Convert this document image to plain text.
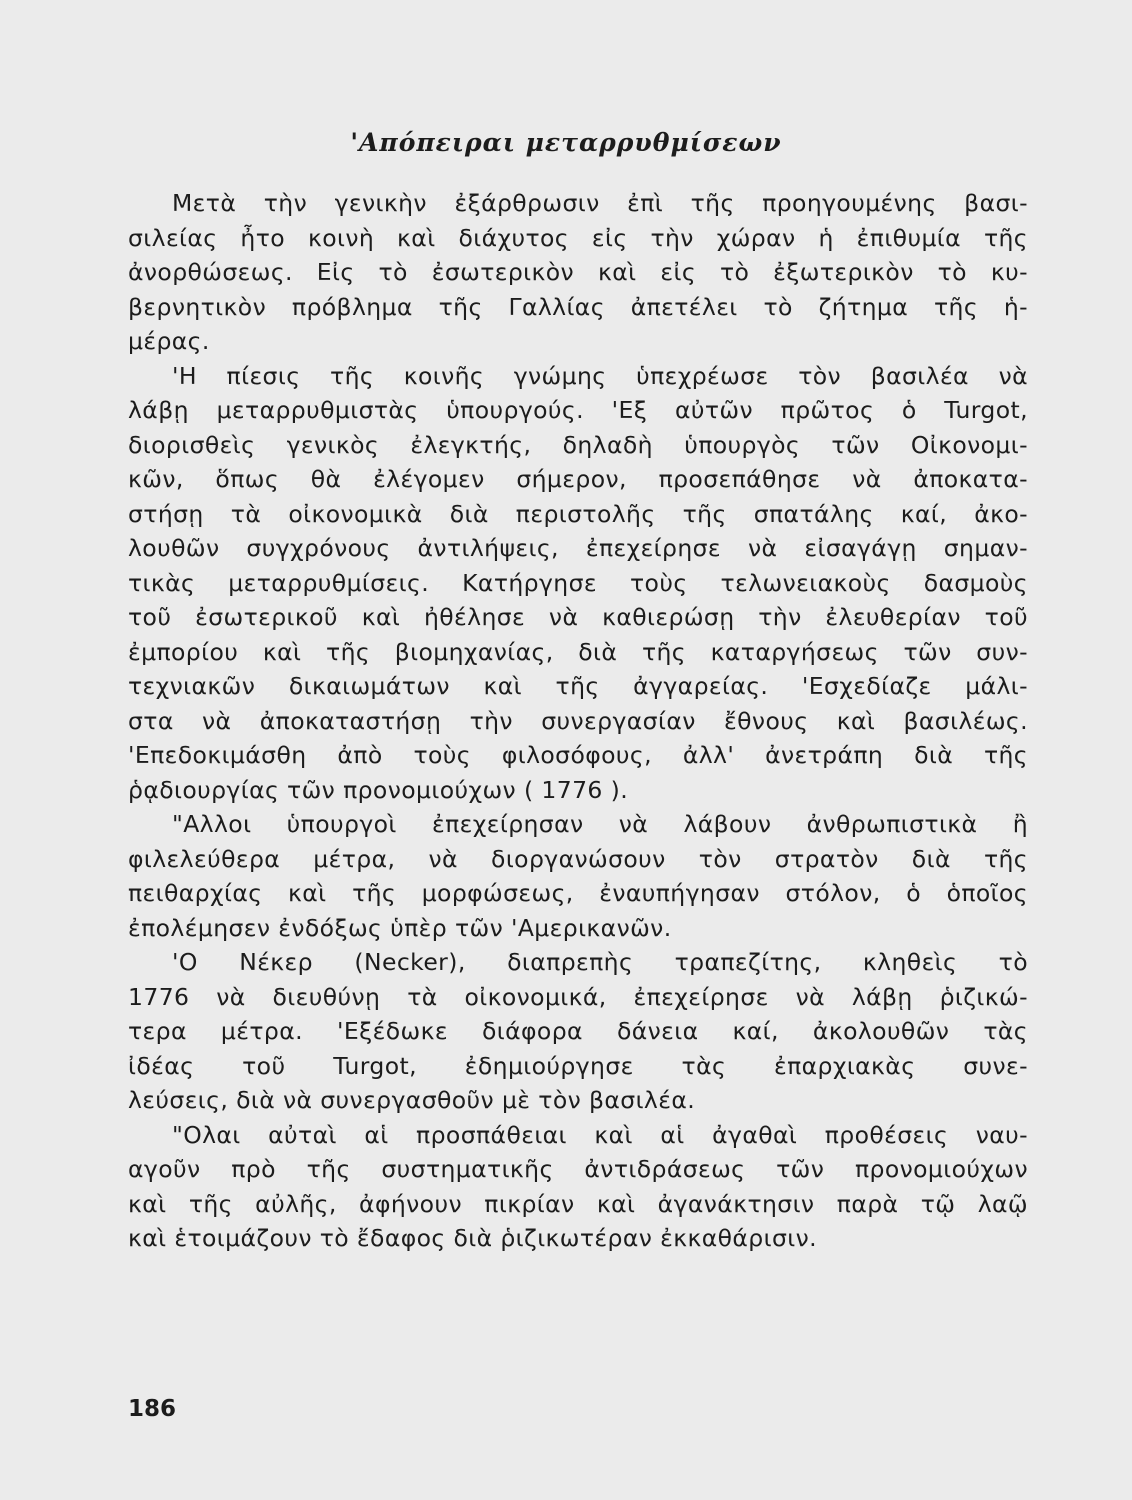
'Απόπειραι μεταρρυθμίσεων
Μετὰ τὴν γενικὴν ἐξάρθρωσιν ἐπὶ τῆς προηγουμένης βασι-
σιλείας ἦτο κοινὴ καὶ διάχυτος εἰς τὴν χώραν ἡ ἐπιθυμία τῆς
ἀνορθώσεως. Εἰς τὸ ἐσωτερικὸν καὶ εἰς τὸ ἐξωτερικὸν τὸ κυ-
βερνητικὸν πρόβλημα τῆς Γαλλίας ἀπετέλει τὸ ζήτημα τῆς ἡ-
μέρας.
'Η πίεσις τῆς κοινῆς γνώμης ὑπεχρέωσε τὸν βασιλέα νὰ
λάβῃ μεταρρυθμιστὰς ὑπουργούς. 'Εξ αὐτῶν πρῶτος ὁ Turgot,
διορισθεὶς γενικὸς ἐλεγκτής, δηλαδὴ ὑπουργὸς τῶν Οἰκονομι-
κῶν, ὅπως θὰ ἐλέγομεν σήμερον, προσεπάθησε νὰ ἀποκατα-
στήσῃ τὰ οἰκονομικὰ διὰ περιστολῆς τῆς σπατάλης καί, ἀκο-
λουθῶν συγχρόνους ἀντιλήψεις, ἐπεχείρησε νὰ εἰσαγάγῃ σημαν-
τικὰς μεταρρυθμίσεις. Κατήργησε τοὺς τελωνειακοὺς δασμοὺς
τοῦ ἐσωτερικοῦ καὶ ἠθέλησε νὰ καθιερώσῃ τὴν ἐλευθερίαν τοῦ
ἐμπορίου καὶ τῆς βιομηχανίας, διὰ τῆς καταργήσεως τῶν συν-
τεχνιακῶν δικαιωμάτων καὶ τῆς ἀγγαρείας. 'Εσχεδίαζε μάλι-
στα νὰ ἀποκαταστήσῃ τὴν συνεργασίαν ἔθνους καὶ βασιλέως.
'Επεδοκιμάσθη ἀπὸ τοὺς φιλοσόφους, ἀλλ' ἀνετράπη διὰ τῆς
ῥᾳδιουργίας τῶν προνομιούχων ( 1776 ).
"Αλλοι ὑπουργοὶ ἐπεχείρησαν νὰ λάβουν ἀνθρωπιστικὰ ἢ
φιλελεύθερα μέτρα, νὰ διοργανώσουν τὸν στρατὸν διὰ τῆς
πειθαρχίας καὶ τῆς μορφώσεως, ἐναυπήγησαν στόλον, ὁ ὁποῖος
ἐπολέμησεν ἐνδόξως ὑπὲρ τῶν 'Αμερικανῶν.
'Ο Νέκερ (Necker), διαπρεπὴς τραπεζίτης, κληθεὶς τὸ
1776 νὰ διευθύνῃ τὰ οἰκονομικά, ἐπεχείρησε νὰ λάβῃ ῥιζικώ-
τερα μέτρα. 'Εξέδωκε διάφορα δάνεια καί, ἀκολουθῶν τὰς
ἰδέας τοῦ Turgot, ἐδημιούργησε τὰς ἐπαρχιακὰς συνε-
λεύσεις, διὰ νὰ συνεργασθοῦν μὲ τὸν βασιλέα.
"Ολαι αὐταὶ αἱ προσπάθειαι καὶ αἱ ἀγαθαὶ προθέσεις ναυ-
αγοῦν πρὸ τῆς συστηματικῆς ἀντιδράσεως τῶν προνομιούχων
καὶ τῆς αὐλῆς, ἀφήνουν πικρίαν καὶ ἀγανάκτησιν παρὰ τῷ λαῷ
καὶ ἑτοιμάζουν τὸ ἔδαφος διὰ ῥιζικωτέραν ἐκκαθάρισιν.
186
